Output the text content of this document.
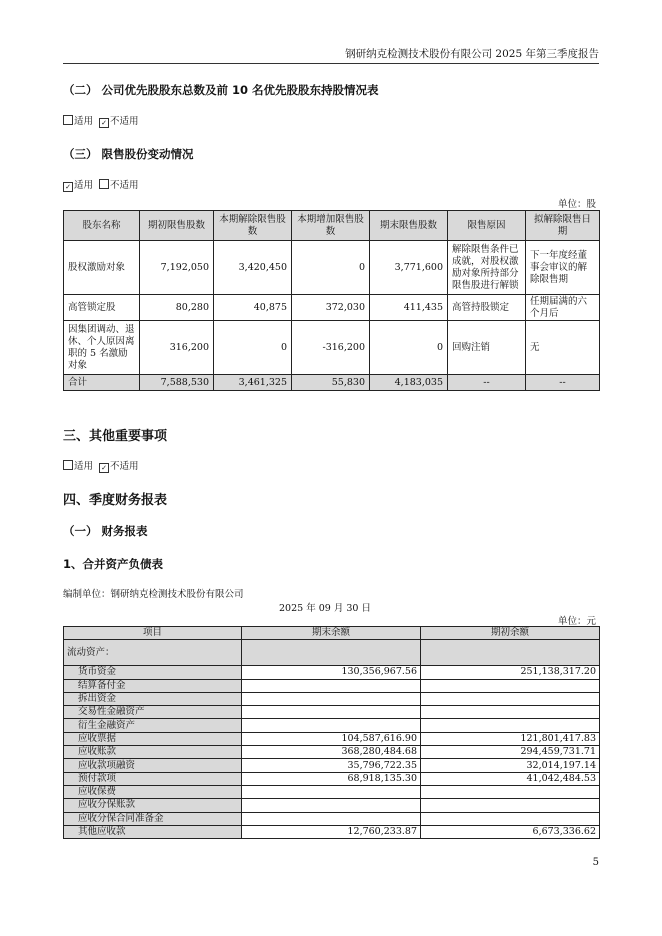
钢研纳克检测技术股份有限公司 2025 年第三季度报告
（二） 公司优先股股东总数及前 10 名优先股股东持股情况表
适用 ✓ 不适用
（三） 限售股份变动情况
✓ 适用 不适用
单位：股
股东名称	期初限售股数	本期解除限售股数	本期增加限售股数	期末限售股数	限售原因	拟解除限售日期
股权激励对象	7,192,050	3,420,450	0	3,771,600	解除限售条件已成就，对股权激励对象所持部分限售股进行解锁	下一年度经董事会审议的解除限售期
高管锁定股	80,280	40,875	372,030	411,435	高管持股锁定	任期届满的六个月后
因集团调动、退休、个人原因离职的 5 名激励对象	316,200	0	-316,200	0	回购注销	无
合计	7,588,530	3,461,325	55,830	4,183,035	--	--
三、其他重要事项
适用 ✓ 不适用
四、季度财务报表
（一） 财务报表
1、合并资产负债表
编制单位：钢研纳克检测技术股份有限公司
2025 年 09 月 30 日
单位：元
项目	期末余额	期初余额
流动资产：		
货币资金	130,356,967.56	251,138,317.20
结算备付金		
拆出资金		
交易性金融资产		
衍生金融资产		
应收票据	104,587,616.90	121,801,417.83
应收账款	368,280,484.68	294,459,731.71
应收款项融资	35,796,722.35	32,014,197.14
预付款项	68,918,135.30	41,042,484.53
应收保费		
应收分保账款		
应收分保合同准备金		
其他应收款	12,760,233.87	6,673,336.62
5
